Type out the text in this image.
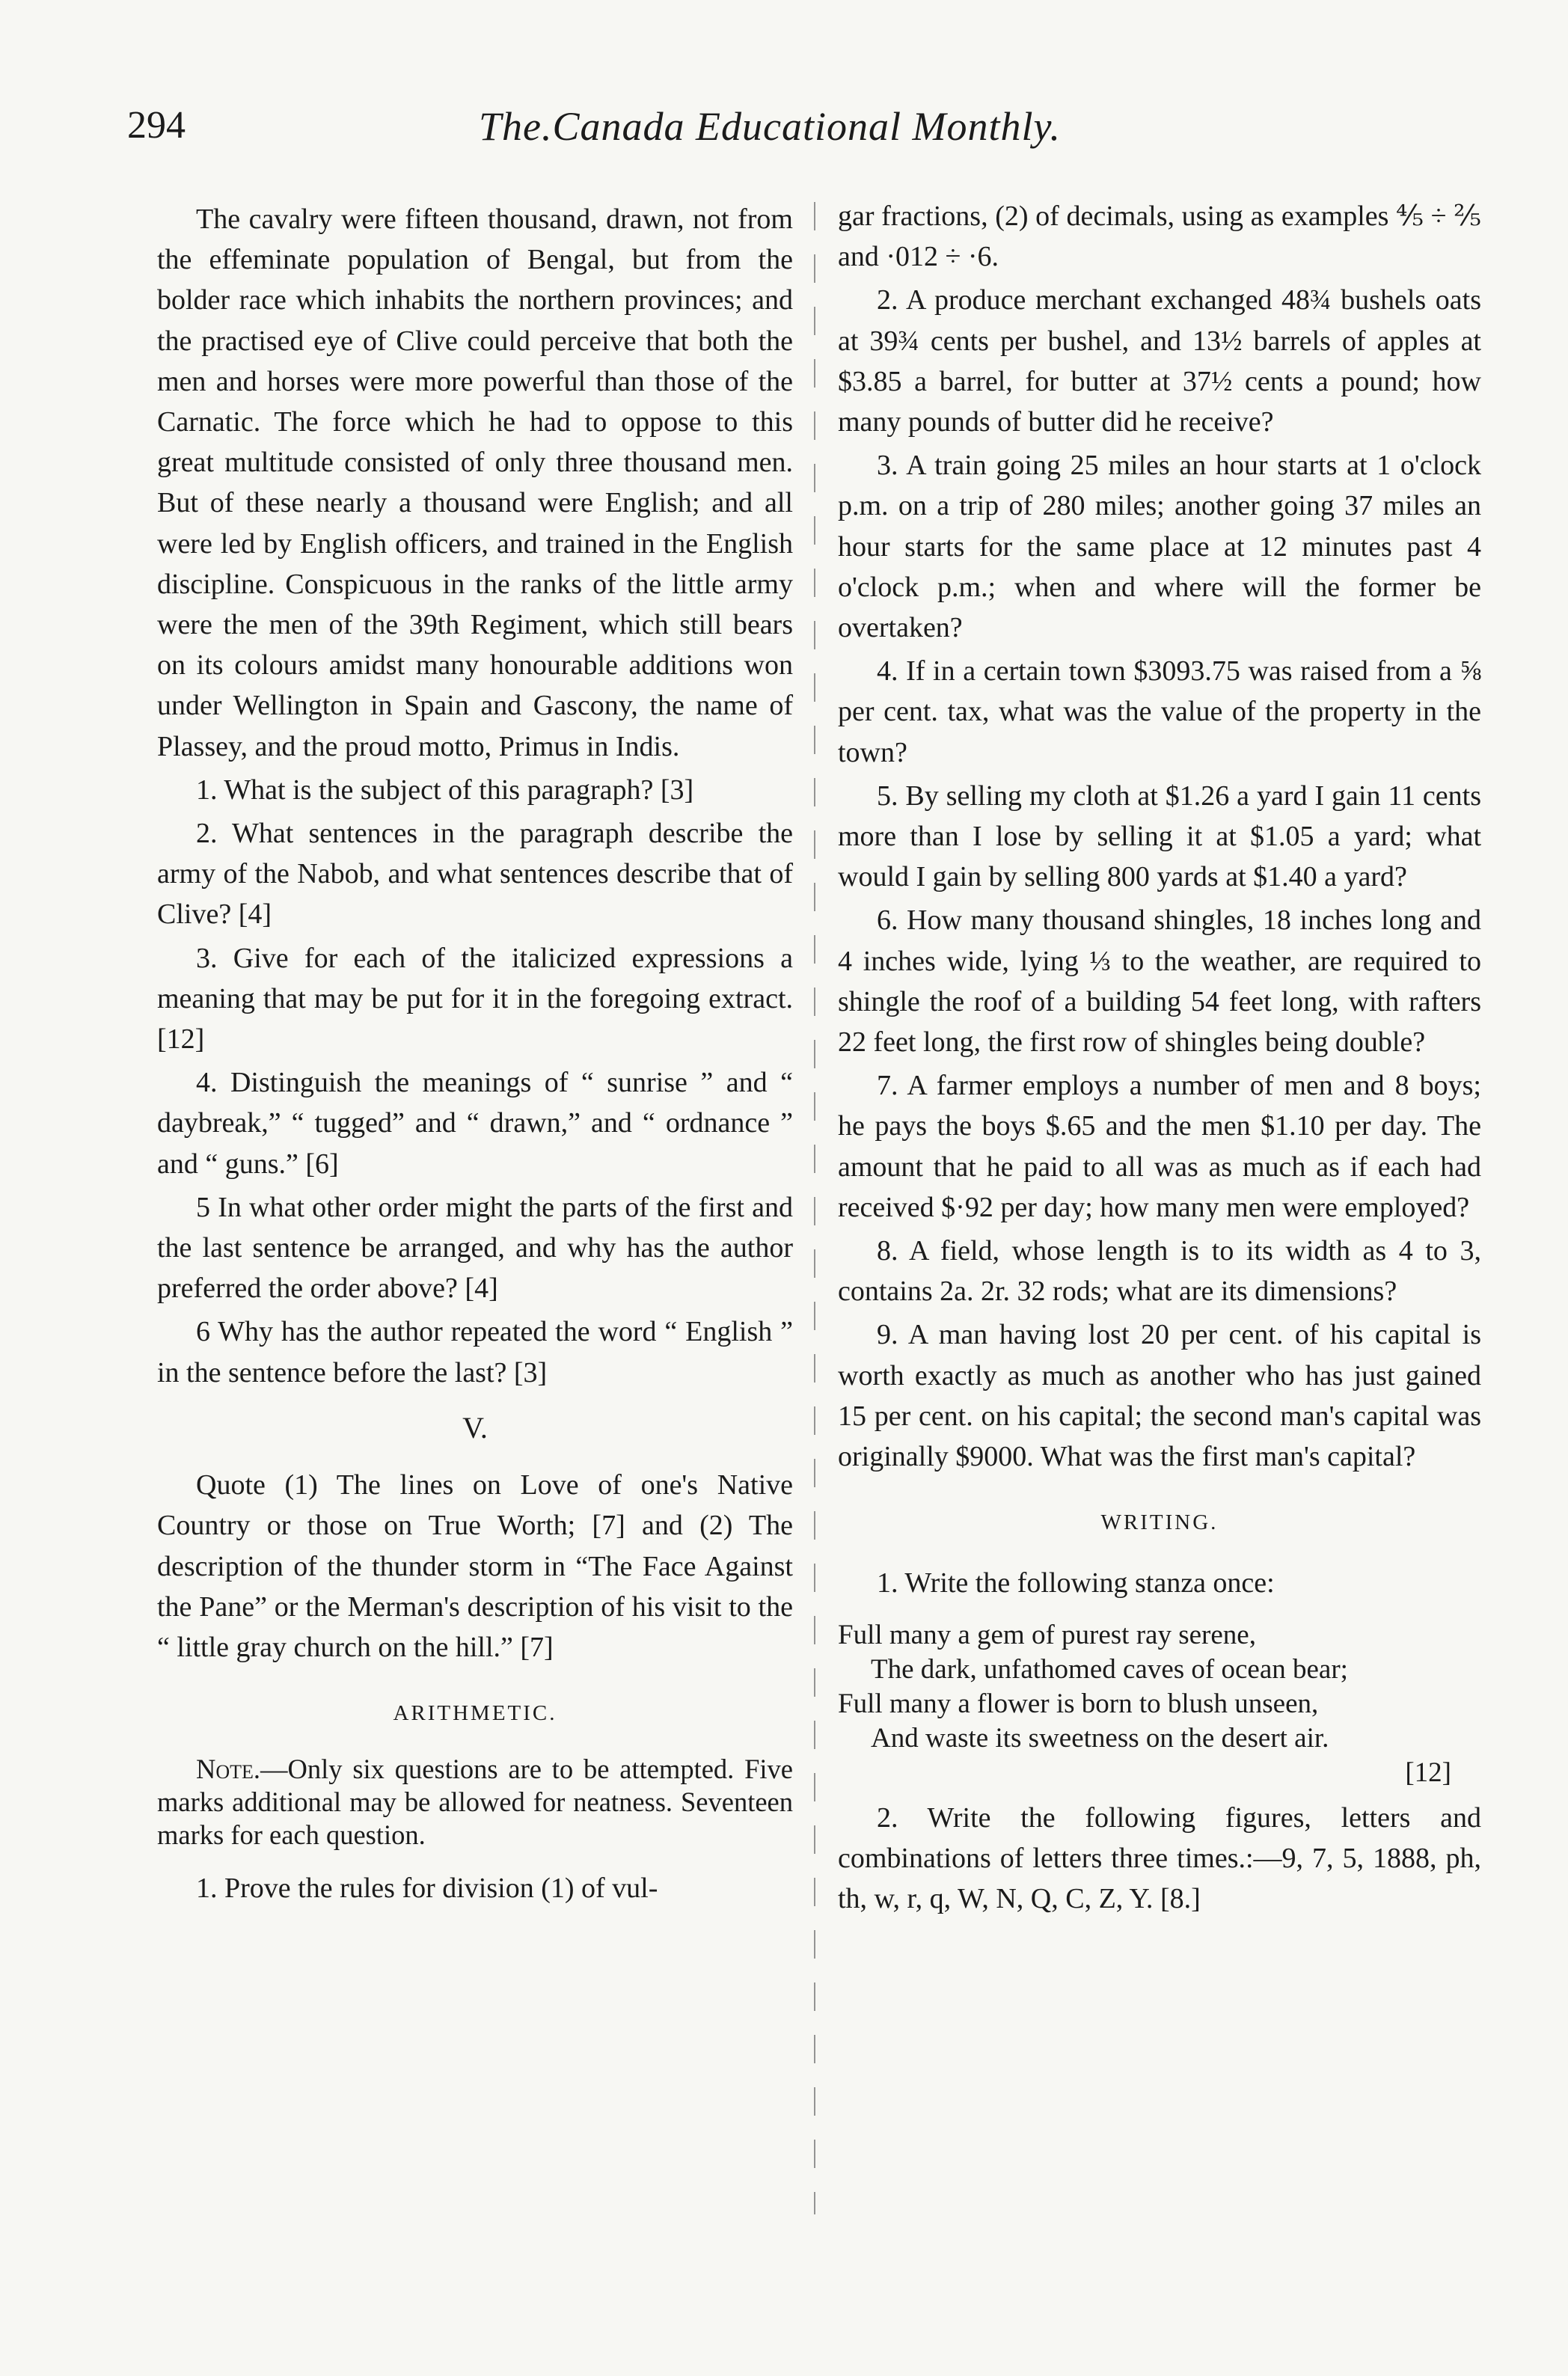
294	The.Canada Educational Monthly.

The cavalry were fifteen thousand, drawn, not from the effeminate population of Bengal, but from the bolder race which inhabits the northern provinces; and the practised eye of Clive could perceive that both the men and horses were more powerful than those of the Carnatic. The force which he had to oppose to this great multitude consisted of only three thousand men. But of these nearly a thousand were English; and all were led by English officers, and trained in the English discipline. Conspicuous in the ranks of the little army were the men of the 39th Regiment, which still bears on its colours amidst many honourable additions won under Wellington in Spain and Gascony, the name of Plassey, and the proud motto, Primus in Indis.

1. What is the subject of this paragraph? [3]

2. What sentences in the paragraph describe the army of the Nabob, and what sentences describe that of Clive? [4]

3. Give for each of the italicized expressions a meaning that may be put for it in the foregoing extract. [12]

4. Distinguish the meanings of “ sunrise ” and “ daybreak,” “ tugged” and “ drawn,” and “ ordnance ” and “ guns.” [6]

5 In what other order might the parts of the first and the last sentence be arranged, and why has the author preferred the order above? [4]

6 Why has the author repeated the word “ English ” in the sentence before the last? [3]

V.

Quote (1) The lines on Love of one's Native Country or those on True Worth; [7] and (2) The description of the thunder storm in “The Face Against the Pane” or the Merman's description of his visit to the “ little gray church on the hill.” [7]

ARITHMETIC.

Note.—Only six questions are to be attempted. Five marks additional may be allowed for neatness. Seventeen marks for each question.

1. Prove the rules for division (1) of vul-

gar fractions, (2) of decimals, using as examples ⅘ ÷ ⅖ and ·012 ÷ ·6.

2. A produce merchant exchanged 48¾ bushels oats at 39¾ cents per bushel, and 13½ barrels of apples at $3.85 a barrel, for butter at 37½ cents a pound; how many pounds of butter did he receive?

3. A train going 25 miles an hour starts at 1 o'clock p.m. on a trip of 280 miles; another going 37 miles an hour starts for the same place at 12 minutes past 4 o'clock p.m.; when and where will the former be overtaken?

4. If in a certain town $3093.75 was raised from a ⅝ per cent. tax, what was the value of the property in the town?

5. By selling my cloth at $1.26 a yard I gain 11 cents more than I lose by selling it at $1.05 a yard; what would I gain by selling 800 yards at $1.40 a yard?

6. How many thousand shingles, 18 inches long and 4 inches wide, lying ⅓ to the weather, are required to shingle the roof of a building 54 feet long, with rafters 22 feet long, the first row of shingles being double?

7. A farmer employs a number of men and 8 boys; he pays the boys $.65 and the men $1.10 per day. The amount that he paid to all was as much as if each had received $·92 per day; how many men were employed?

8. A field, whose length is to its width as 4 to 3, contains 2a. 2r. 32 rods; what are its dimensions?

9. A man having lost 20 per cent. of his capital is worth exactly as much as another who has just gained 15 per cent. on his capital; the second man's capital was originally $9000. What was the first man's capital?

WRITING.

1. Write the following stanza once:

Full many a gem of purest ray serene,
The dark, unfathomed caves of ocean bear;
Full many a flower is born to blush unseen,
And waste its sweetness on the desert air.
[12]

2. Write the following figures, letters and combinations of letters three times.:—9, 7, 5, 1888, ph, th, w, r, q, W, N, Q, C, Z, Y. [8.]
